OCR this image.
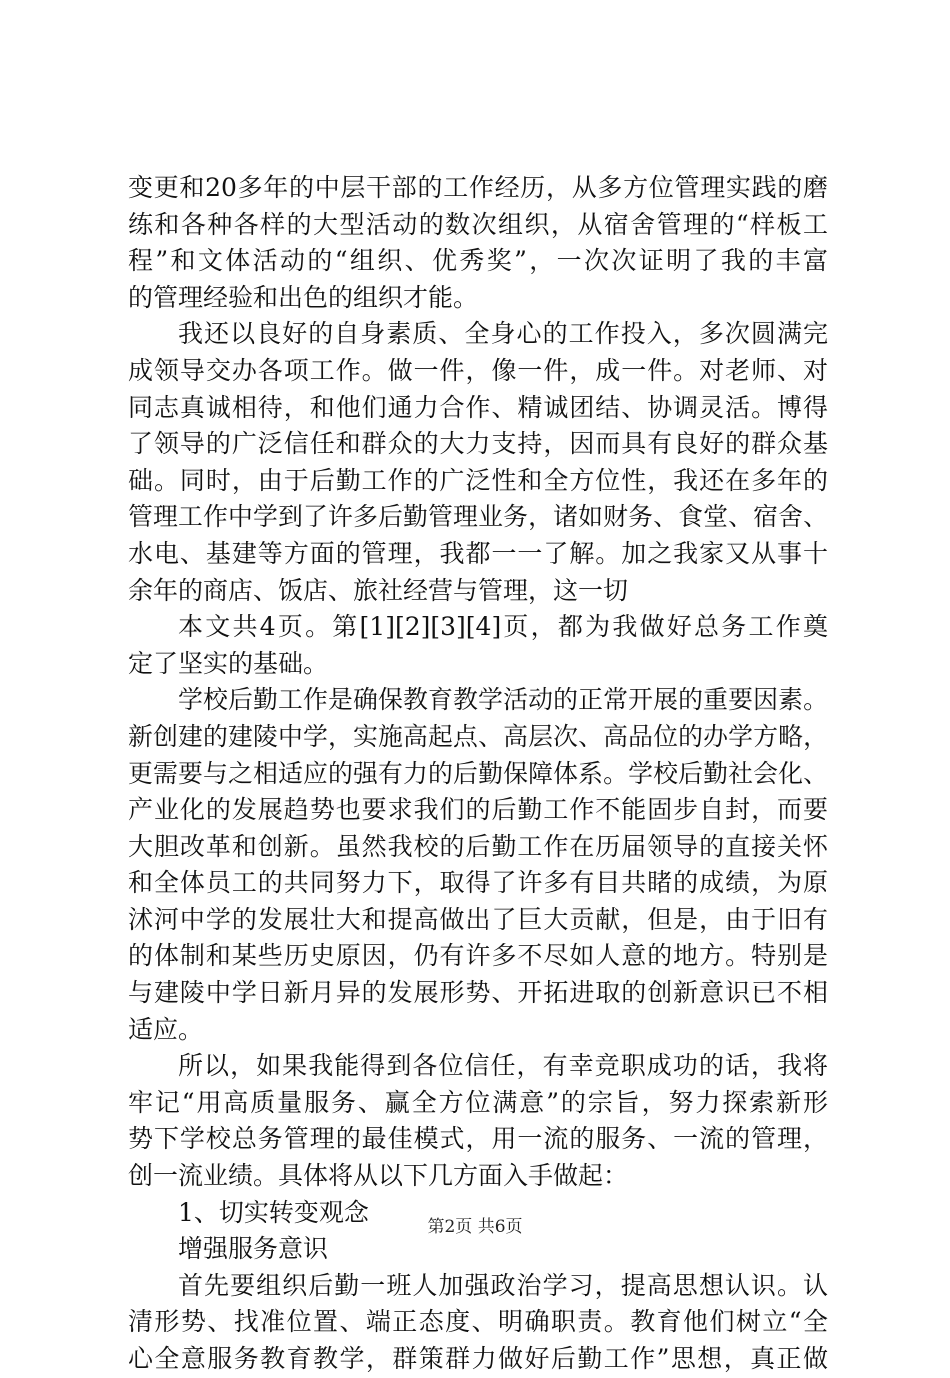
变更和20多年的中层干部的工作经历，从多方位管理实践的磨
练和各种各样的大型活动的数次组织，从宿舍管理的“样板工
程”和文体活动的“组织、优秀奖”，一次次证明了我的丰富
的管理经验和出色的组织才能。
我还以良好的自身素质、全身心的工作投入，多次圆满完
成领导交办各项工作。做一件，像一件，成一件。对老师、对
同志真诚相待，和他们通力合作、精诚团结、协调灵活。博得
了领导的广泛信任和群众的大力支持，因而具有良好的群众基
础。同时，由于后勤工作的广泛性和全方位性，我还在多年的
管理工作中学到了许多后勤管理业务，诸如财务、食堂、宿舍、
水电、基建等方面的管理，我都一一了解。加之我家又从事十
余年的商店、饭店、旅社经营与管理，这一切
本文共4页。第[1][2][3][4]页，都为我做好总务工作奠
定了坚实的基础。
学校后勤工作是确保教育教学活动的正常开展的重要因素。
新创建的建陵中学，实施高起点、高层次、高品位的办学方略，
更需要与之相适应的强有力的后勤保障体系。学校后勤社会化、
产业化的发展趋势也要求我们的后勤工作不能固步自封，而要
大胆改革和创新。虽然我校的后勤工作在历届领导的直接关怀
和全体员工的共同努力下，取得了许多有目共睹的成绩，为原
沭河中学的发展壮大和提高做出了巨大贡献，但是，由于旧有
的体制和某些历史原因，仍有许多不尽如人意的地方。特别是
与建陵中学日新月异的发展形势、开拓进取的创新意识已不相
适应。
所以，如果我能得到各位信任，有幸竞职成功的话，我将
牢记“用高质量服务、赢全方位满意”的宗旨，努力探索新形
势下学校总务管理的最佳模式，用一流的服务、一流的管理，
创一流业绩。具体将从以下几方面入手做起：
1、切实转变观念
增强服务意识
首先要组织后勤一班人加强政治学习，提高思想认识。认
清形势、找准位置、端正态度、明确职责。教育他们树立“全
心全意服务教育教学，群策群力做好后勤工作”思想，真正做
第2页 共6页
